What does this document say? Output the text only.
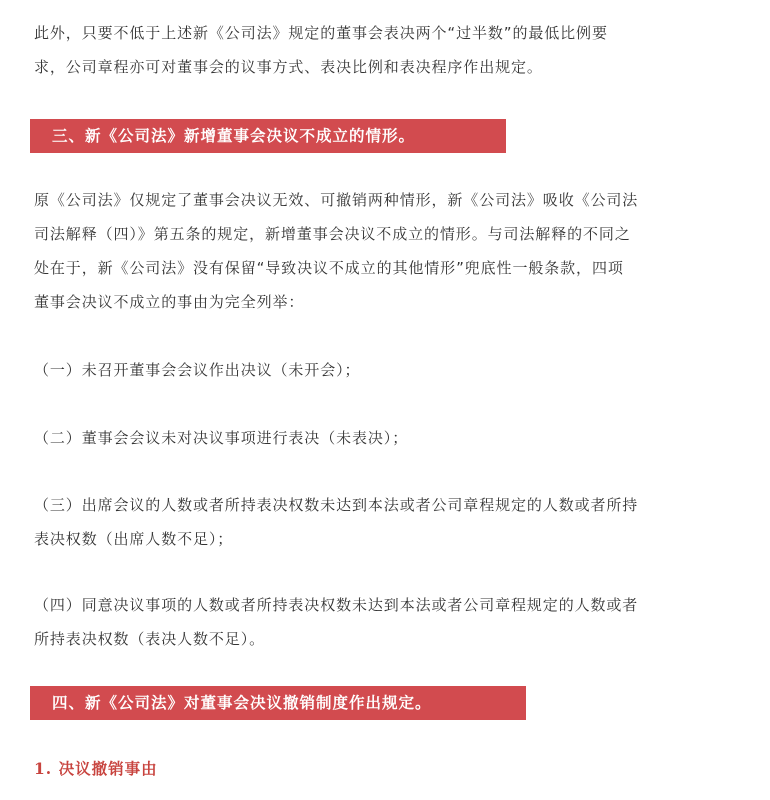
此外，只要不低于上述新《公司法》规定的董事会表决两个“过半数”的最低比例要
求，公司章程亦可对董事会的议事方式、表决比例和表决程序作出规定。

三、新《公司法》新增董事会决议不成立的情形。

原《公司法》仅规定了董事会决议无效、可撤销两种情形，新《公司法》吸收《公司法
司法解释（四）》第五条的规定，新增董事会决议不成立的情形。与司法解释的不同之
处在于，新《公司法》没有保留“导致决议不成立的其他情形”兜底性一般条款，四项
董事会决议不成立的事由为完全列举：

（一）未召开董事会会议作出决议（未开会）；

（二）董事会会议未对决议事项进行表决（未表决）；

（三）出席会议的人数或者所持表决权数未达到本法或者公司章程规定的人数或者所持
表决权数（出席人数不足）；

（四）同意决议事项的人数或者所持表决权数未达到本法或者公司章程规定的人数或者
所持表决权数（表决人数不足）。

四、新《公司法》对董事会决议撤销制度作出规定。
1. 决议撤销事由
